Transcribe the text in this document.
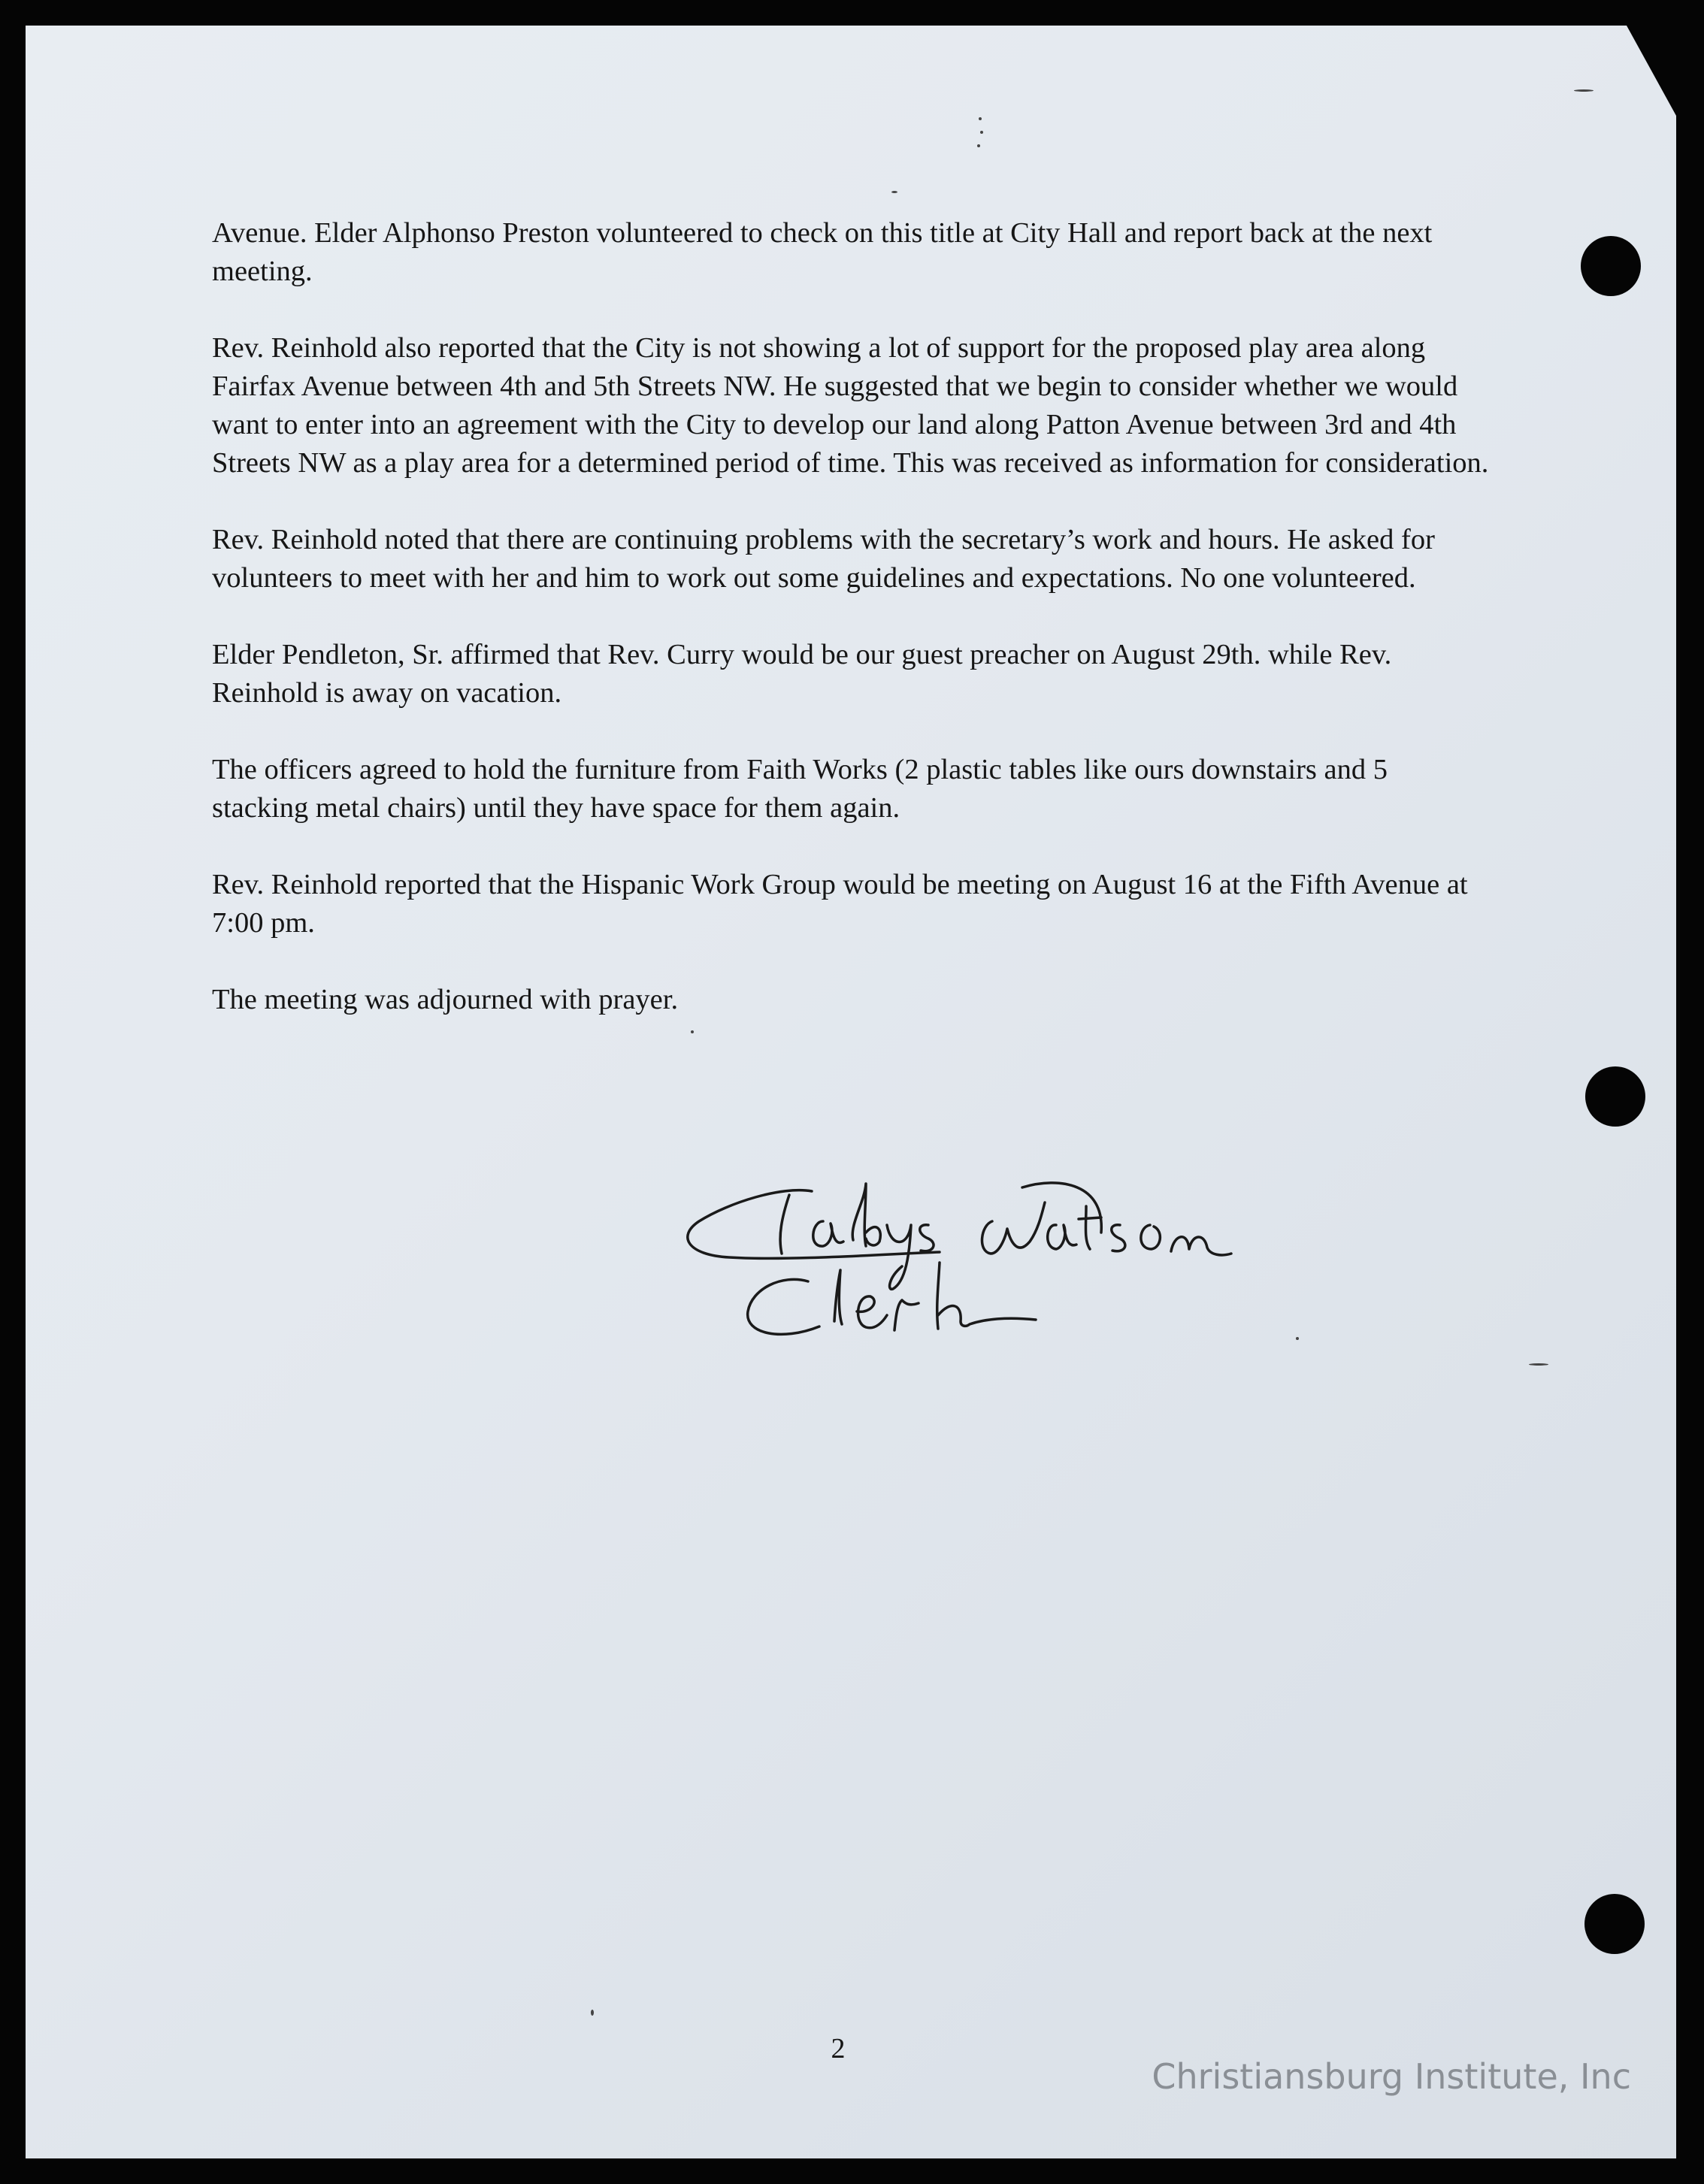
Avenue. Elder Alphonso Preston volunteered to check on this title at City Hall and report back at the next meeting.

Rev. Reinhold also reported that the City is not showing a lot of support for the proposed play area along Fairfax Avenue between 4th and 5th Streets NW. He suggested that we begin to consider whether we would want to enter into an agreement with the City to develop our land along Patton Avenue between 3rd and 4th Streets NW as a play area for a determined period of time. This was received as information for consideration.

Rev. Reinhold noted that there are continuing problems with the secretary’s work and hours. He asked for volunteers to meet with her and him to work out some guidelines and expectations. No one volunteered.

Elder Pendleton, Sr. affirmed that Rev. Curry would be our guest preacher on August 29th. while Rev. Reinhold is away on vacation.

The officers agreed to hold the furniture from Faith Works (2 plastic tables like ours downstairs and 5 stacking metal chairs) until they have space for them again.

Rev. Reinhold reported that the Hispanic Work Group would be meeting on August 16 at the Fifth Avenue at 7:00 pm.

The meeting was adjourned with prayer.

2
Christiansburg Institute, Inc
